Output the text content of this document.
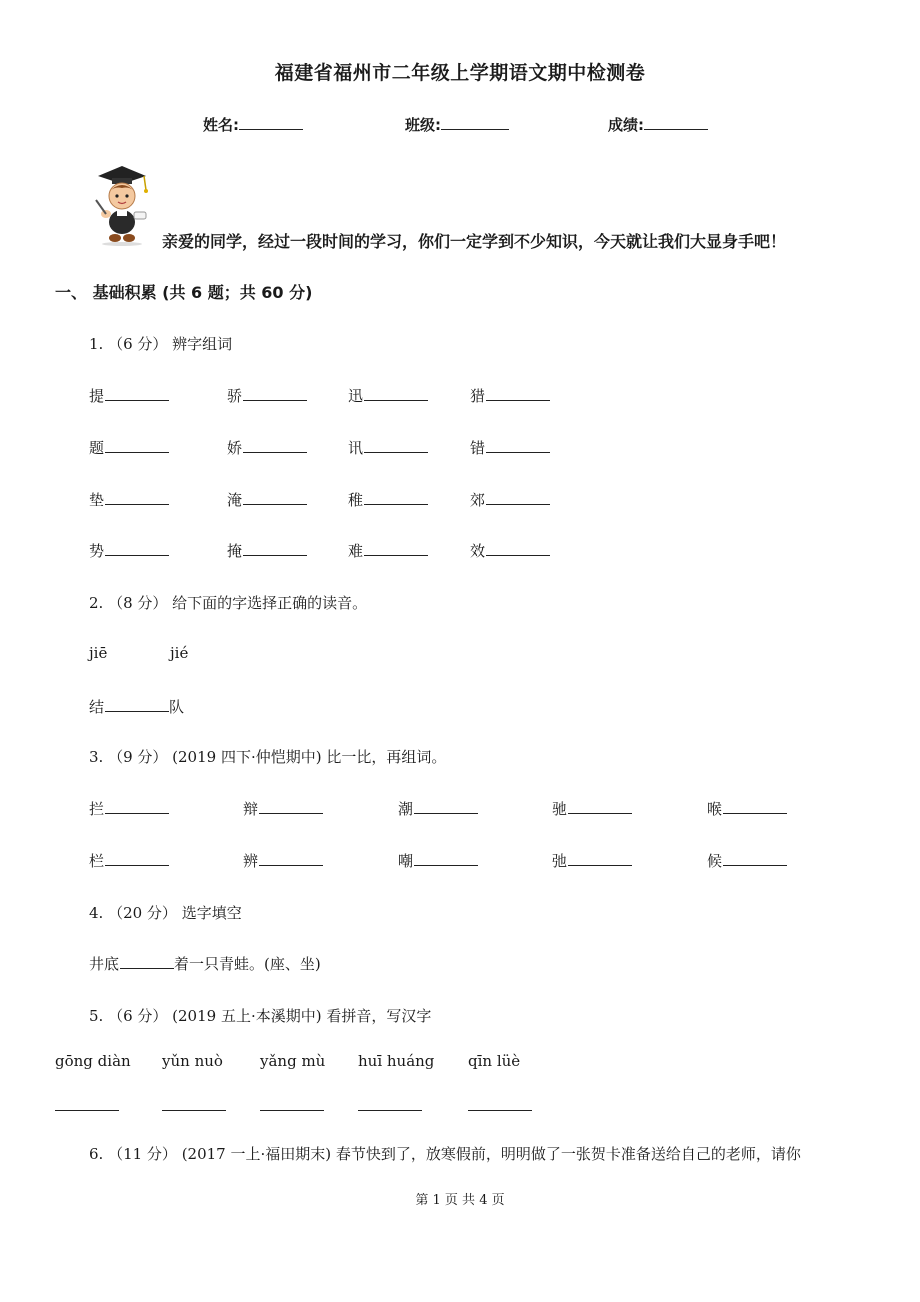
福建省福州市二年级上学期语文期中检测卷
姓名:	班级:	成绩:
亲爱的同学，经过一段时间的学习，你们一定学到不少知识，今天就让我们大显身手吧！
一、 基础积累 (共 6 题；共 60 分)
1. （6 分） 辨字组词
提	骄	迅	猎
题	娇	讯	错
垫	淹	稚	郊
势	掩	难	效
2. （8 分） 给下面的字选择正确的读音。
jiē	jié
结	队
3. （9 分） (2019 四下·仲恺期中) 比一比，再组词。
拦	辩	潮	驰	喉
栏	辨	嘲	弛	候
4. （20 分） 选字填空
井底	着一只青蛙。(座、坐)
5. （6 分） (2019 五上·本溪期中) 看拼音，写汉字
gōng diàn yǔn nuò yǎng mù huī huáng qīn lüè
6. （11 分） (2017 一上·福田期末) 春节快到了，放寒假前，明明做了一张贺卡准备送给自己的老师，请你
第 1 页 共 4 页
